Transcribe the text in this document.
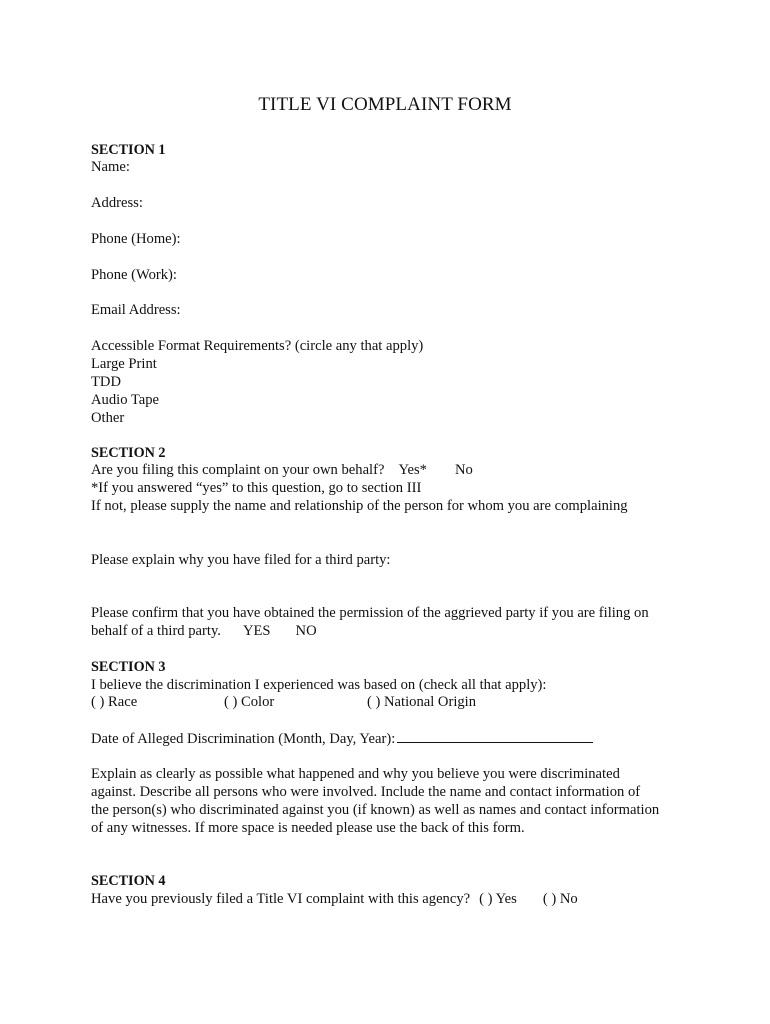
TITLE VI COMPLAINT FORM
SECTION 1
Name:
Address:
Phone (Home):
Phone (Work):
Email Address:
Accessible Format Requirements? (circle any that apply)
Large Print
TDD
Audio Tape
Other
SECTION 2
Are you filing this complaint on your own behalf? Yes* No
*If you answered “yes” to this question, go to section III
If not, please supply the name and relationship of the person for whom you are complaining
Please explain why you have filed for a third party:
Please confirm that you have obtained the permission of the aggrieved party if you are filing on
behalf of a third party. YES NO
SECTION 3
I believe the discrimination I experienced was based on (check all that apply):
( ) Race	( ) Color	( ) National Origin
Date of Alleged Discrimination (Month, Day, Year):
Explain as clearly as possible what happened and why you believe you were discriminated
against. Describe all persons who were involved. Include the name and contact information of
the person(s) who discriminated against you (if known) as well as names and contact information
of any witnesses. If more space is needed please use the back of this form.
SECTION 4
Have you previously filed a Title VI complaint with this agency? ( ) Yes ( ) No
